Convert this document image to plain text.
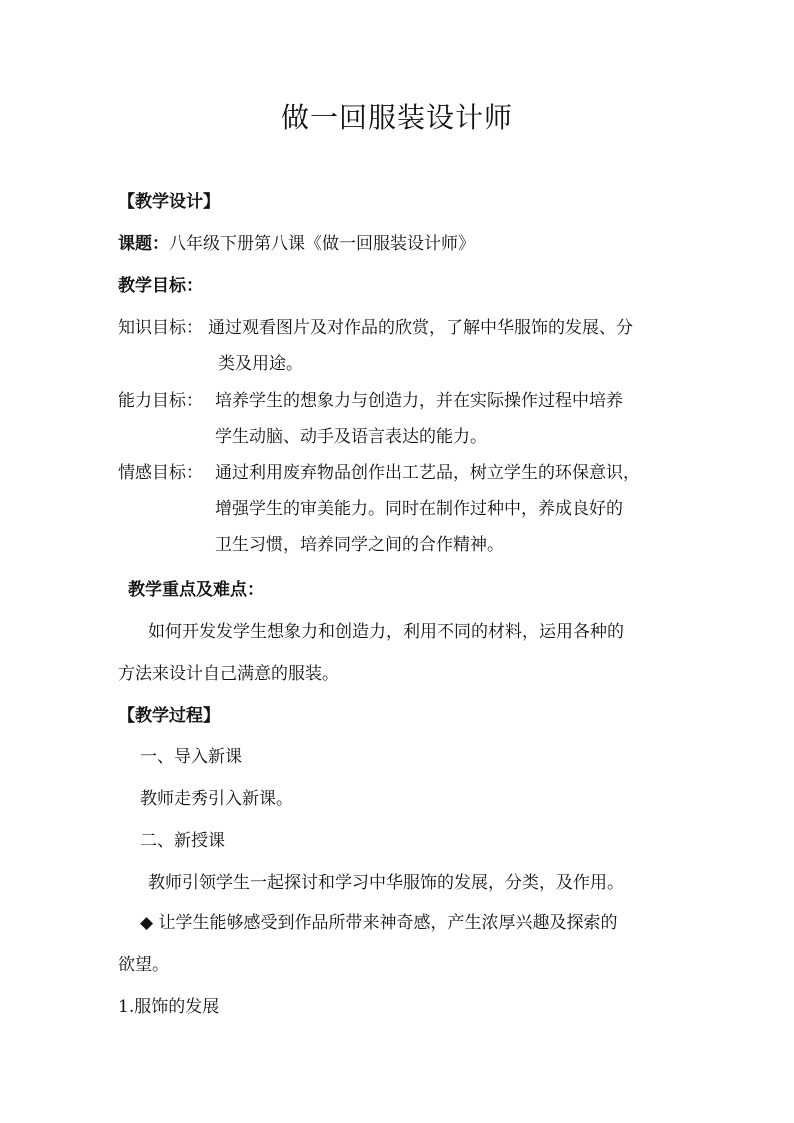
做一回服装设计师
【教学设计】
课题：八年级下册第八课《做一回服装设计师》
教学目标：
知识目标： 通过观看图片及对作品的欣赏，了解中华服饰的发展、分
类及用途。
能力目标： 培养学生的想象力与创造力，并在实际操作过程中培养
学生动脑、动手及语言表达的能力。
情感目标： 通过利用废弃物品创作出工艺品，树立学生的环保意识，
增强学生的审美能力。同时在制作过种中，养成良好的
卫生习惯，培养同学之间的合作精神。
教学重点及难点：
如何开发发学生想象力和创造力，利用不同的材料，运用各种的
方法来设计自己满意的服装。
【教学过程】
一、导入新课
教师走秀引入新课。
二、新授课
教师引领学生一起探讨和学习中华服饰的发展，分类，及作用。
◆ 让学生能够感受到作品所带来神奇感，产生浓厚兴趣及探索的
欲望。
1.服饰的发展
